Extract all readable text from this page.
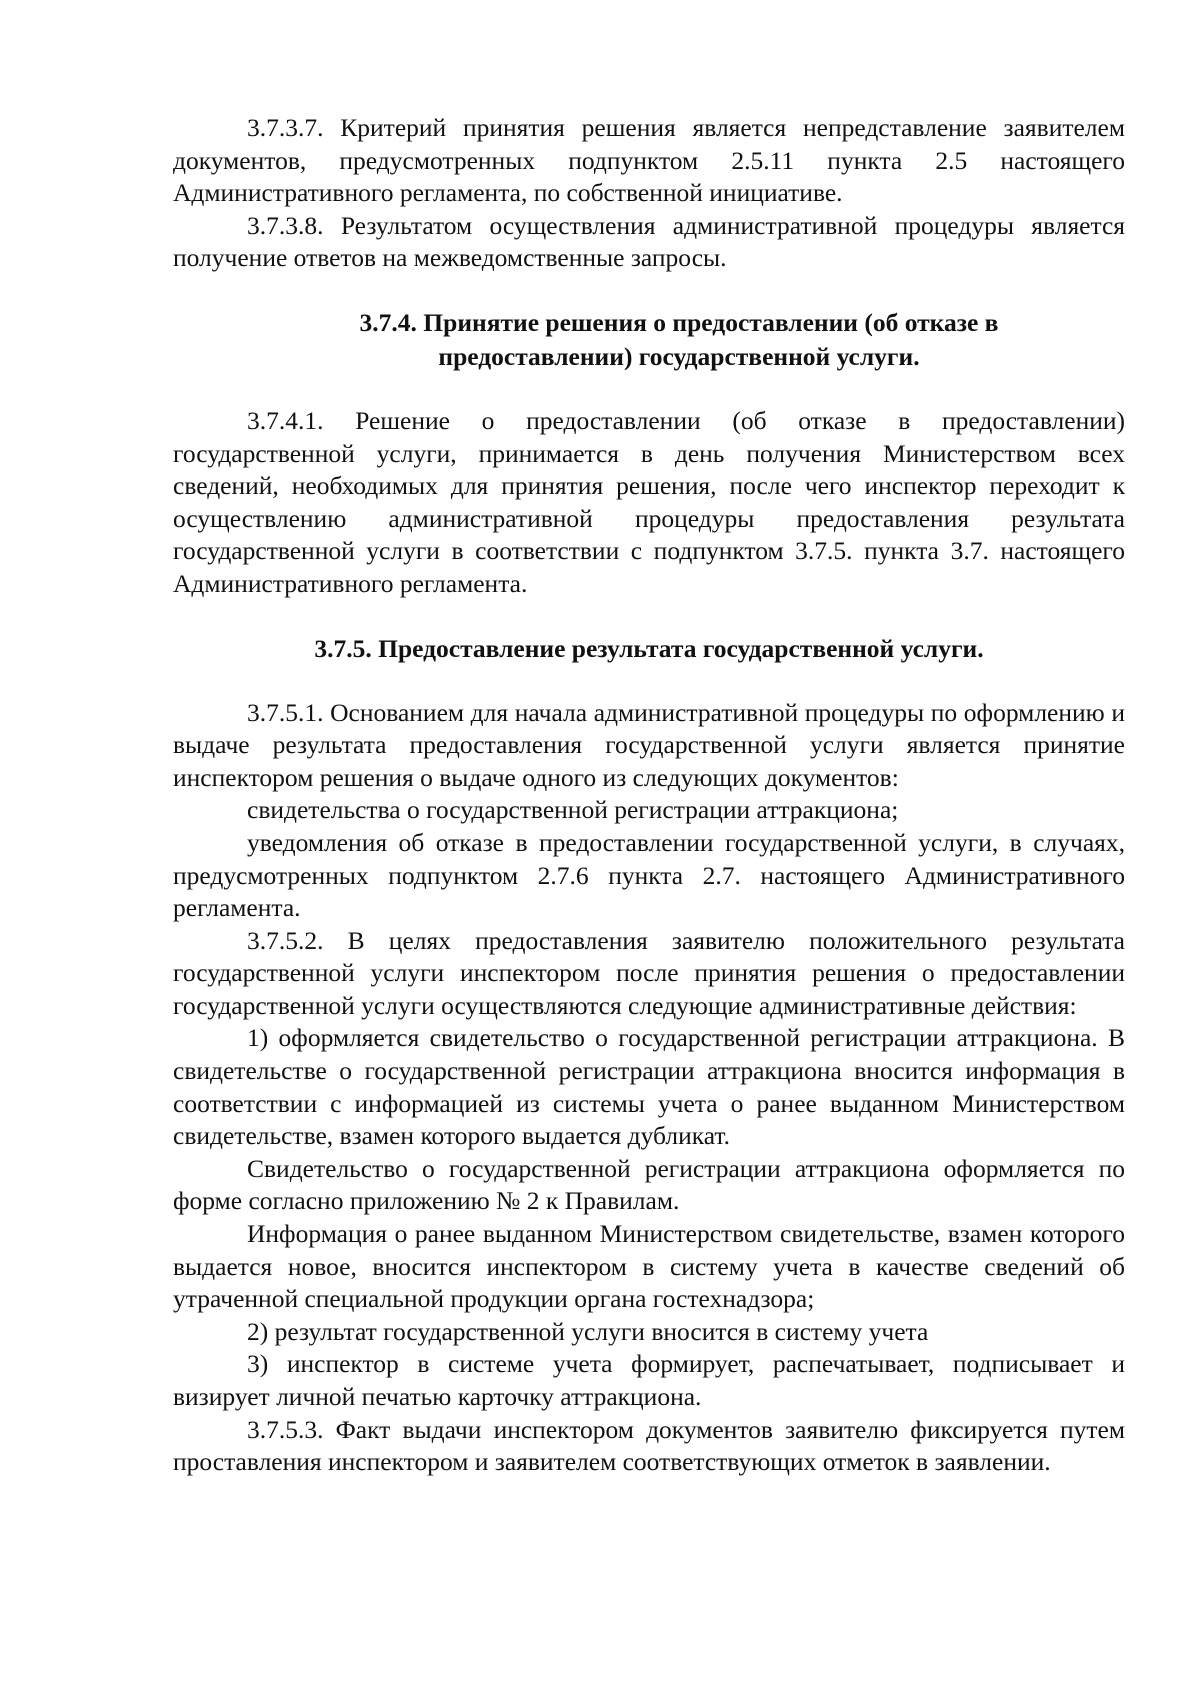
3.7.3.7. Критерий принятия решения является непредставление заявителем документов, предусмотренных подпунктом 2.5.11 пункта 2.5 настоящего Административного регламента, по собственной инициативе.

3.7.3.8. Результатом осуществления административной процедуры является получение ответов на межведомственные запросы.

3.7.4. Принятие решения о предоставлении (об отказе в
предоставлении) государственной услуги.

3.7.4.1. Решение о предоставлении (об отказе в предоставлении) государственной услуги, принимается в день получения Министерством всех сведений, необходимых для принятия решения, после чего инспектор переходит к осуществлению административной процедуры предоставления результата государственной услуги в соответствии с подпунктом 3.7.5. пункта 3.7. настоящего Административного регламента.

3.7.5. Предоставление результата государственной услуги.

3.7.5.1. Основанием для начала административной процедуры по оформлению и выдаче результата предоставления государственной услуги является принятие инспектором решения о выдаче одного из следующих документов:

свидетельства о государственной регистрации аттракциона;

уведомления об отказе в предоставлении государственной услуги, в случаях, предусмотренных подпунктом 2.7.6 пункта 2.7. настоящего Административного регламента.

3.7.5.2. В целях предоставления заявителю положительного результата государственной услуги инспектором после принятия решения о предоставлении государственной услуги осуществляются следующие административные действия:

1) оформляется свидетельство о государственной регистрации аттракциона. В свидетельстве о государственной регистрации аттракциона вносится информация в соответствии с информацией из системы учета о ранее выданном Министерством свидетельстве, взамен которого выдается дубликат.

Свидетельство о государственной регистрации аттракциона оформляется по форме согласно приложению № 2 к Правилам.

Информация о ранее выданном Министерством свидетельстве, взамен которого выдается новое, вносится инспектором в систему учета в качестве сведений об утраченной специальной продукции органа гостехнадзора;

2) результат государственной услуги вносится в систему учета

3) инспектор в системе учета формирует, распечатывает, подписывает и визирует личной печатью карточку аттракциона.

3.7.5.3. Факт выдачи инспектором документов заявителю фиксируется путем проставления инспектором и заявителем соответствующих отметок в заявлении.
